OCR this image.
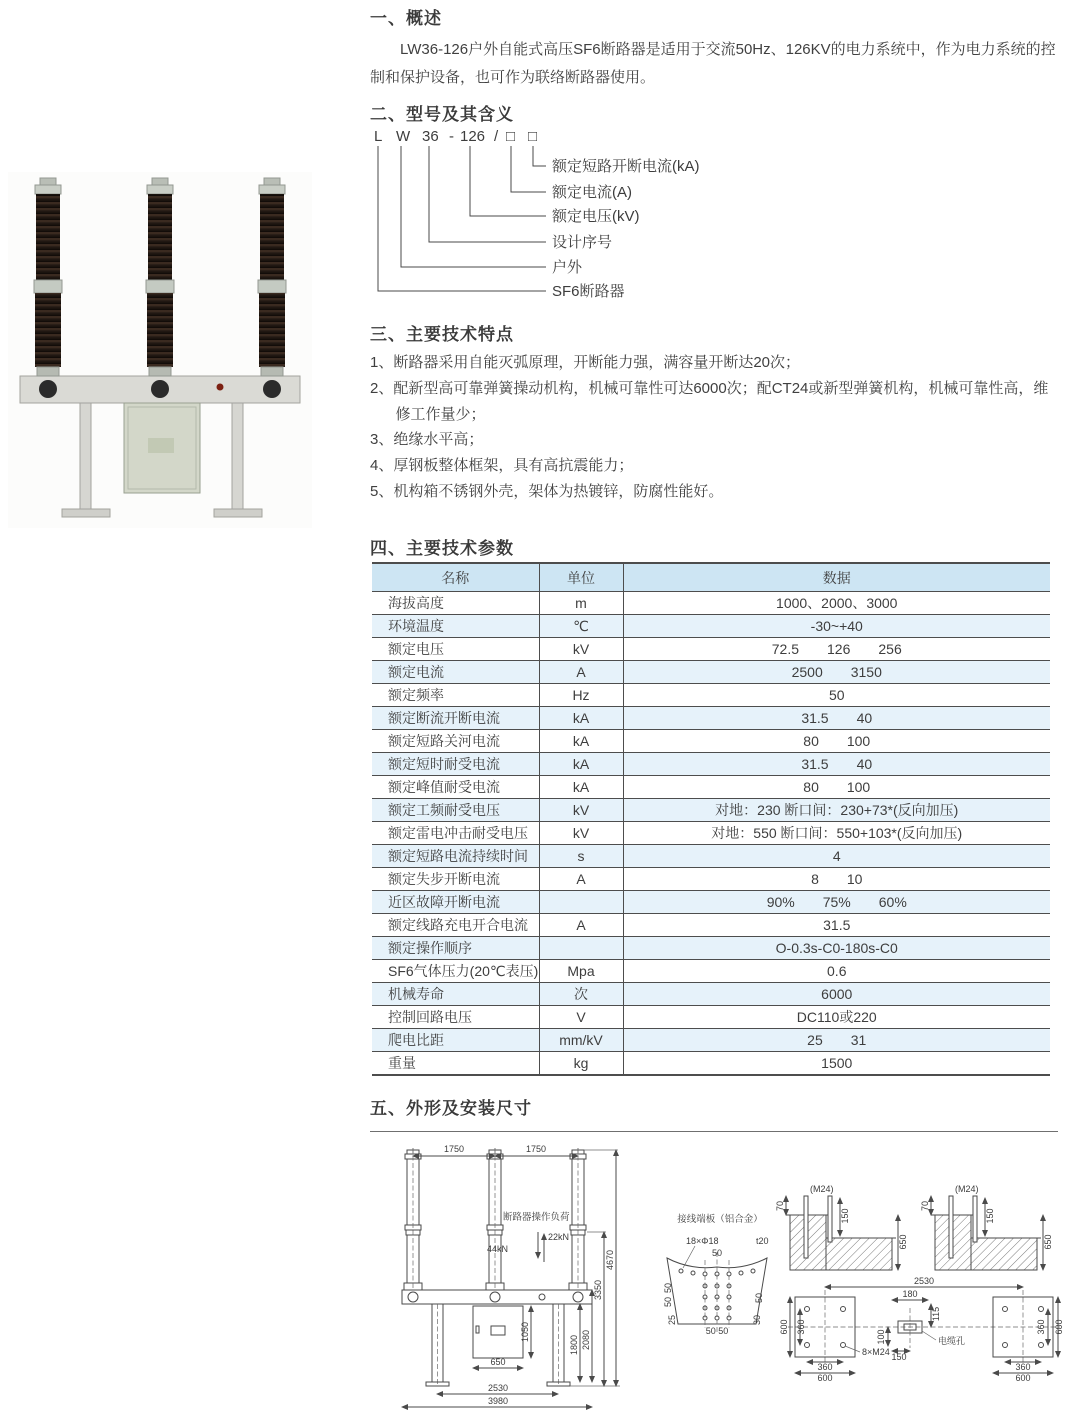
一、概述
LW36-126户外自能式高压SF6断路器是适用于交流50Hz、126KV的电力系统中，作为电力系统的控制和保护设备，也可作为联络断路器使用。
二、型号及其含义
L W 36 - 126 / □ □
额定短路开断电流(kA)
额定电流(A)
额定电压(kV)
设计序号
户外
SF6断路器
三、主要技术特点
1、断路器采用自能灭弧原理，开断能力强，满容量开断达20次；
2、配新型高可靠弹簧操动机构，机械可靠性可达6000次；配CT24或新型弹簧机构，机械可靠性高，维修工作量少；
3、绝缘水平高；
4、厚钢板整体框架，具有高抗震能力；
5、机构箱不锈钢外壳，架体为热镀锌，防腐性能好。
四、主要技术参数
名称	单位	数据
海拔高度	m	1000、2000、3000
环境温度	℃	-30~+40
额定电压	kV	72.5　　126　　256
额定电流	A	2500　　3150
额定频率	Hz	50
额定断流开断电流	kA	31.5　　40
额定短路关河电流	kA	80　　100
额定短时耐受电流	kA	31.5　　40
额定峰值耐受电流	kA	80　　100
额定工频耐受电压	kV	对地：230 断口间：230+73*(反向加压)
额定雷电冲击耐受电压	kV	对地：550 断口间：550+103*(反向加压)
额定短路电流持续时间	s	4
额定失步开断电流	A	8　　10
近区故障开断电流		90%　　75%　　60%
额定线路充电开合电流	A	31.5
额定操作顺序		O-0.3s-C0-180s-C0
SF6气体压力(20℃表压)	Mpa	0.6
机械寿命	次	6000
控制回路电压	V	DC110或220
爬电比距	mm/kV	25　　31
重量	kg	1500
五、外形及安装尺寸
1750	1750
断路器操作负荷
22kN
44kN
3350
4670
1800 2080
1050
650
2530
3980
接线端板（铝合金）
18×Φ18	t20
50
50
50
25
50
30
50 50
(M24)
70
150
650
(M24)
70
150
650
2530
180
115
100
150
8×M24
电缆孔
600 360
360
600
360 600
360
600
